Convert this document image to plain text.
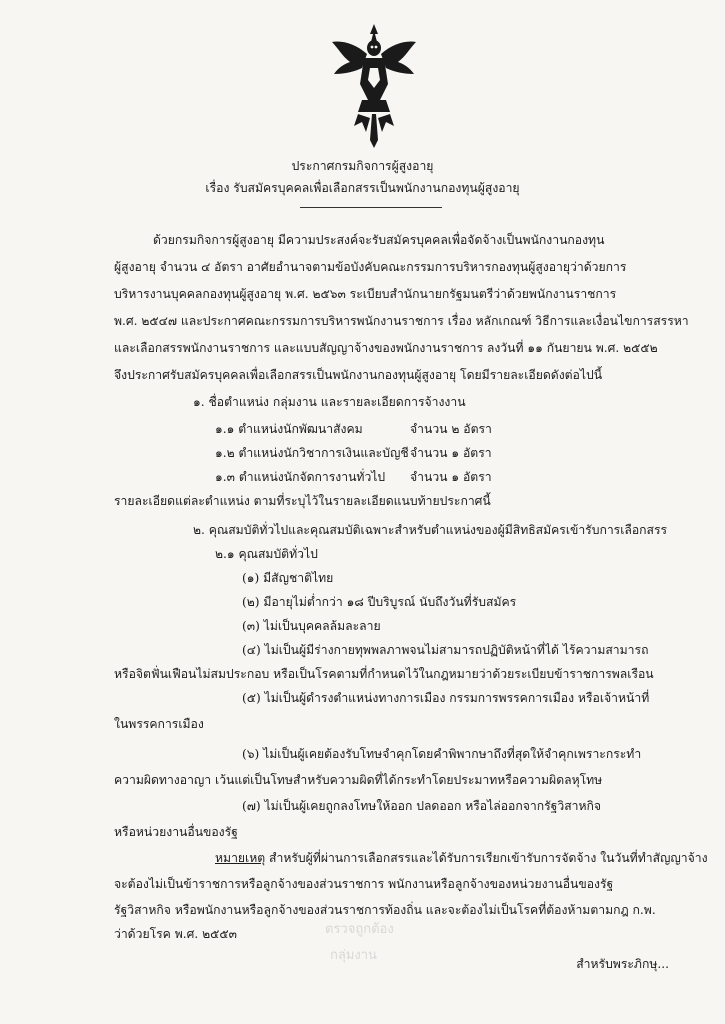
ประกาศกรมกิจการผู้สูงอายุ
เรื่อง รับสมัครบุคคลเพื่อเลือกสรรเป็นพนักงานกองทุนผู้สูงอายุ
ด้วยกรมกิจการผู้สูงอายุ มีความประสงค์จะรับสมัครบุคคลเพื่อจัดจ้างเป็นพนักงานกองทุน
ผู้สูงอายุ จำนวน ๔ อัตรา อาศัยอำนาจตามข้อบังคับคณะกรรมการบริหารกองทุนผู้สูงอายุว่าด้วยการ
บริหารงานบุคคลกองทุนผู้สูงอายุ พ.ศ. ๒๕๖๓ ระเบียบสำนักนายกรัฐมนตรีว่าด้วยพนักงานราชการ
พ.ศ. ๒๕๔๗ และประกาศคณะกรรมการบริหารพนักงานราชการ เรื่อง หลักเกณฑ์ วิธีการและเงื่อนไขการสรรหา
และเลือกสรรพนักงานราชการ และแบบสัญญาจ้างของพนักงานราชการ ลงวันที่ ๑๑ กันยายน พ.ศ. ๒๕๕๒
จึงประกาศรับสมัครบุคคลเพื่อเลือกสรรเป็นพนักงานกองทุนผู้สูงอายุ โดยมีรายละเอียดดังต่อไปนี้
๑. ชื่อตำแหน่ง กลุ่มงาน และรายละเอียดการจ้างงาน
๑.๑ ตำแหน่งนักพัฒนาสังคม	จำนวน ๒ อัตรา
๑.๒ ตำแหน่งนักวิชาการเงินและบัญชี จำนวน ๑ อัตรา
๑.๓ ตำแหน่งนักจัดการงานทั่วไป จำนวน ๑ อัตรา
รายละเอียดแต่ละตำแหน่ง ตามที่ระบุไว้ในรายละเอียดแนบท้ายประกาศนี้
๒. คุณสมบัติทั่วไปและคุณสมบัติเฉพาะสำหรับตำแหน่งของผู้มีสิทธิสมัครเข้ารับการเลือกสรร
๒.๑ คุณสมบัติทั่วไป
(๑) มีสัญชาติไทย
(๒) มีอายุไม่ต่ำกว่า ๑๘ ปีบริบูรณ์ นับถึงวันที่รับสมัคร
(๓) ไม่เป็นบุคคลล้มละลาย
(๔) ไม่เป็นผู้มีร่างกายทุพพลภาพจนไม่สามารถปฏิบัติหน้าที่ได้ ไร้ความสามารถ
หรือจิตฟั่นเฟือนไม่สมประกอบ หรือเป็นโรคตามที่กำหนดไว้ในกฎหมายว่าด้วยระเบียบข้าราชการพลเรือน
(๕) ไม่เป็นผู้ดำรงตำแหน่งทางการเมือง กรรมการพรรคการเมือง หรือเจ้าหน้าที่
ในพรรคการเมือง
(๖) ไม่เป็นผู้เคยต้องรับโทษจำคุกโดยคำพิพากษาถึงที่สุดให้จำคุกเพราะกระทำ
ความผิดทางอาญา เว้นแต่เป็นโทษสำหรับความผิดที่ได้กระทำโดยประมาทหรือความผิดลหุโทษ
(๗) ไม่เป็นผู้เคยถูกลงโทษให้ออก ปลดออก หรือไล่ออกจากรัฐวิสาหกิจ
หรือหน่วยงานอื่นของรัฐ
หมายเหตุ สำหรับผู้ที่ผ่านการเลือกสรรและได้รับการเรียกเข้ารับการจัดจ้าง ในวันที่ทำสัญญาจ้าง
จะต้องไม่เป็นข้าราชการหรือลูกจ้างของส่วนราชการ พนักงานหรือลูกจ้างของหน่วยงานอื่นของรัฐ
รัฐวิสาหกิจ หรือพนักงานหรือลูกจ้างของส่วนราชการท้องถิ่น และจะต้องไม่เป็นโรคที่ต้องห้ามตามกฎ ก.พ.
ว่าด้วยโรค พ.ศ. ๒๕๕๓	ตรวจถูกต้อง
กลุ่มงาน
สำหรับพระภิกษุ...
